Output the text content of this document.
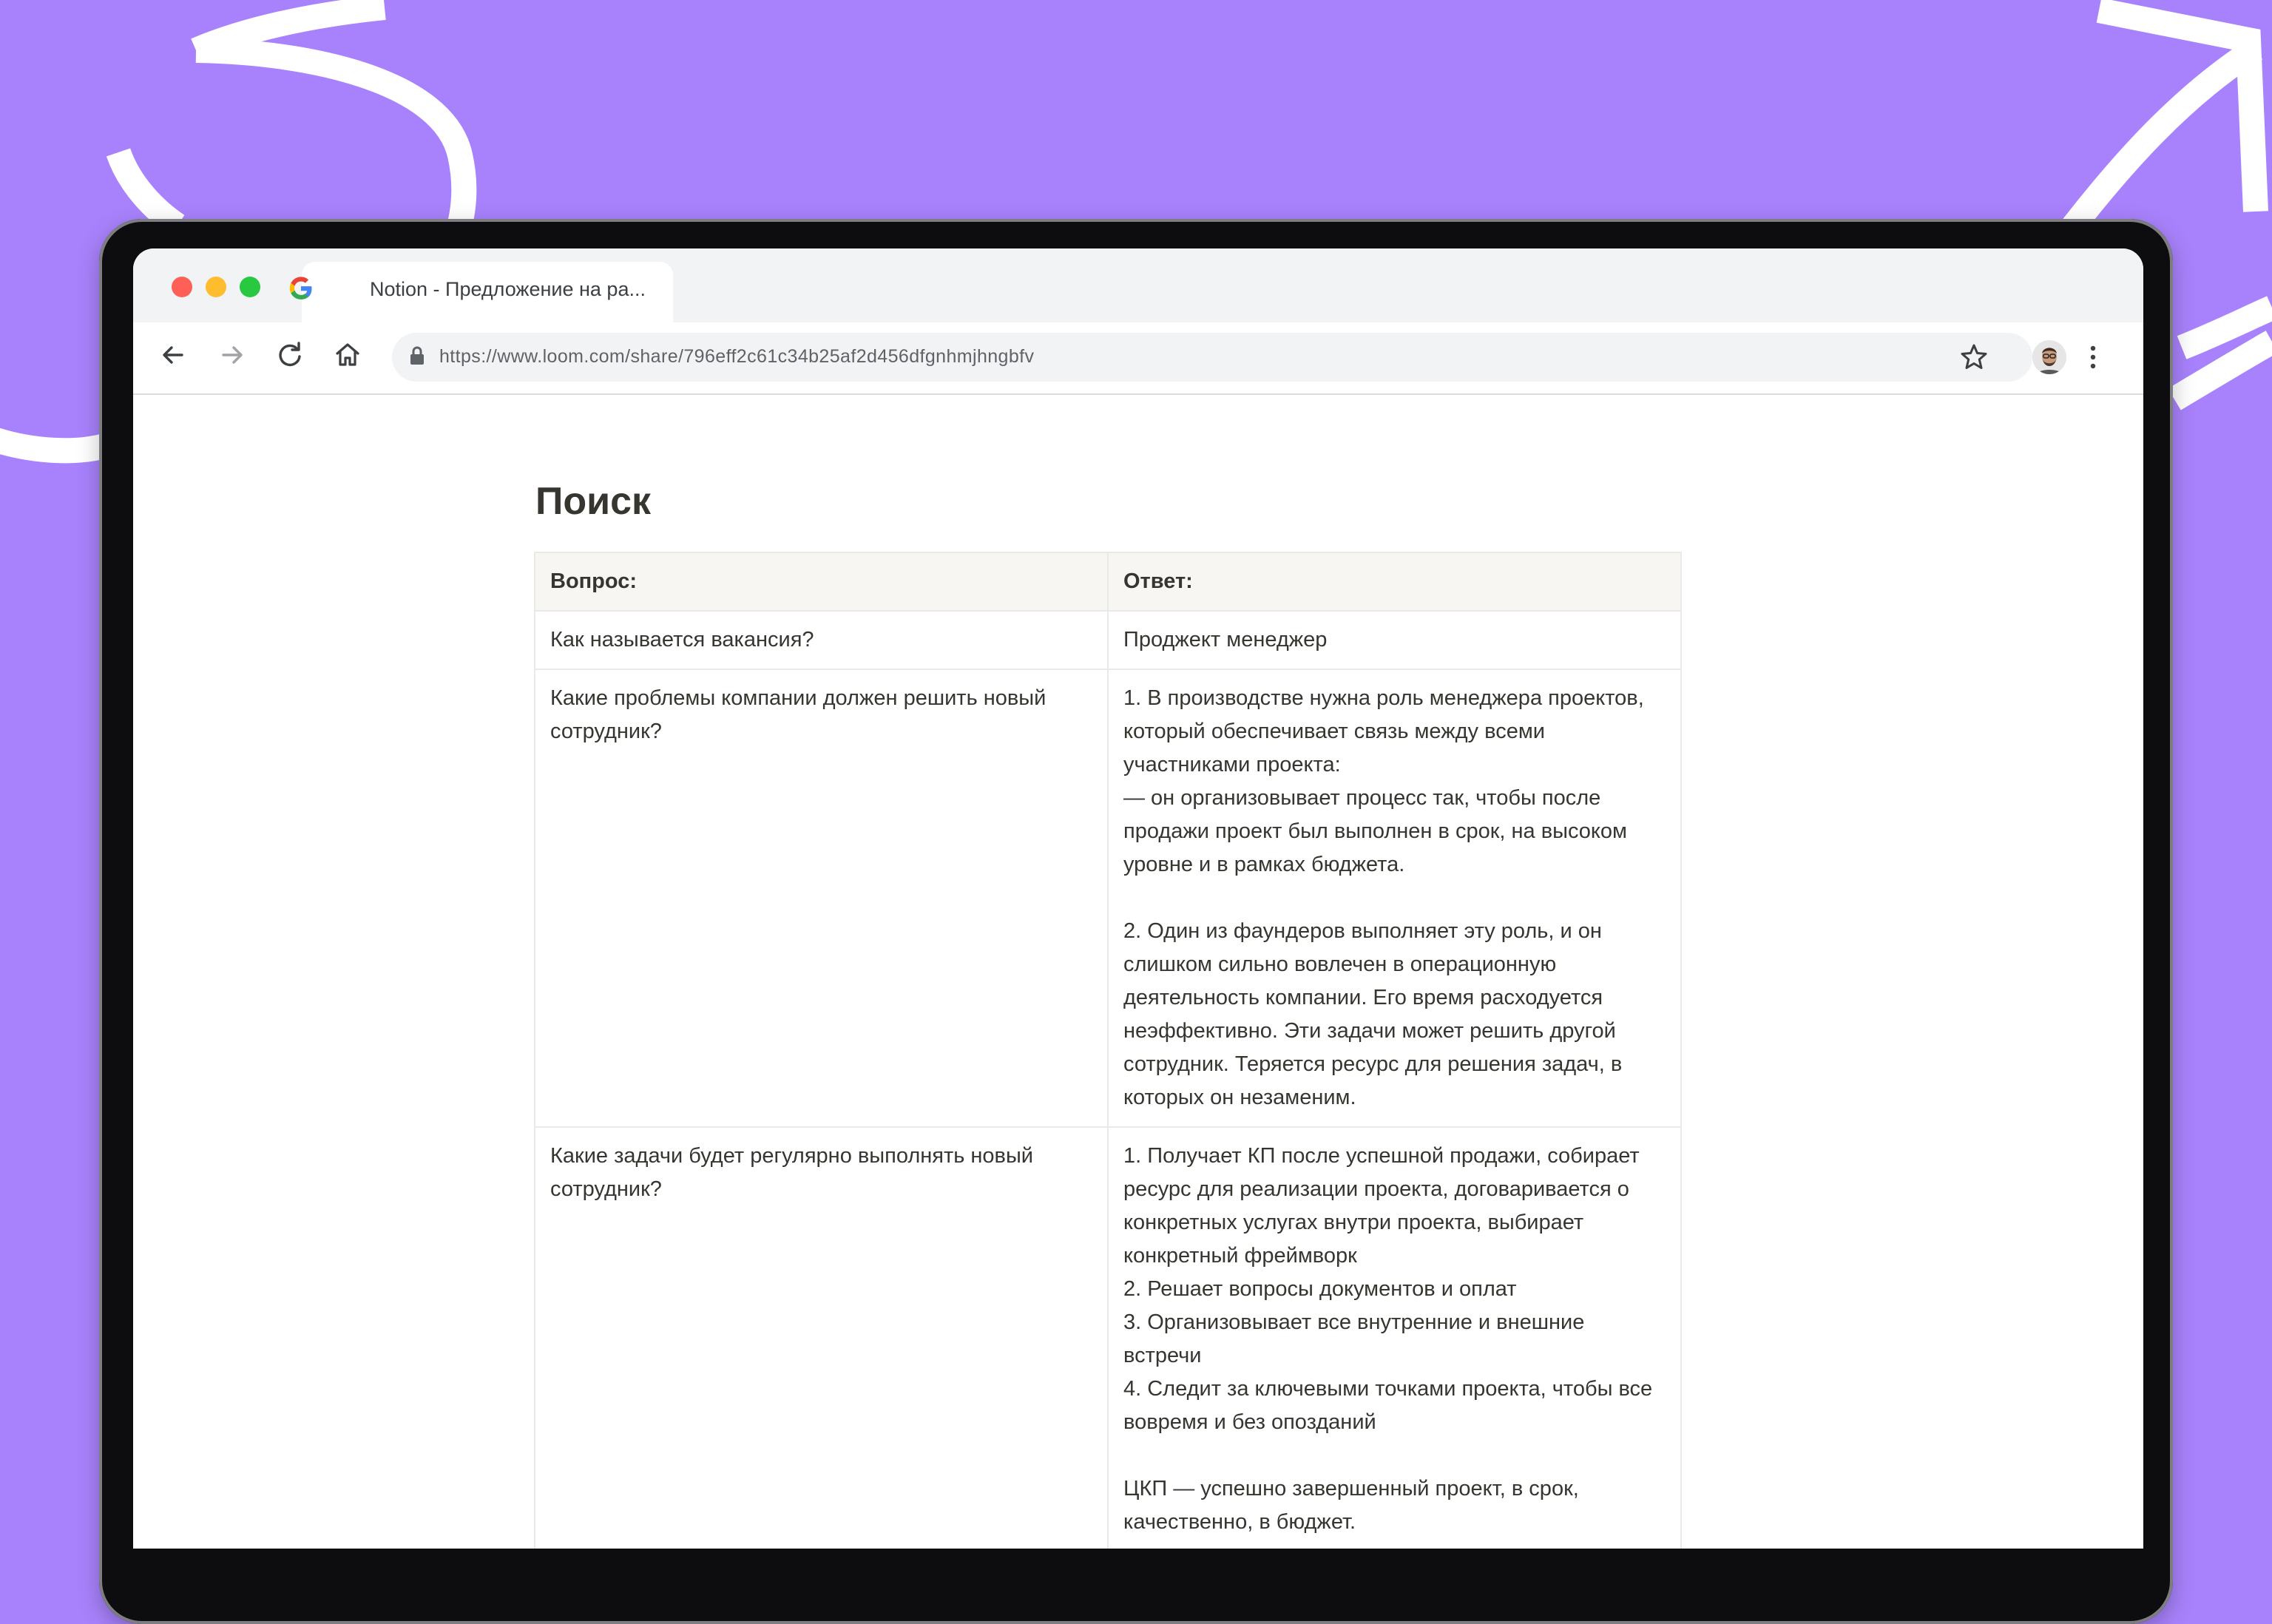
Notion - Предложение на ра...
https://www.loom.com/share/796eff2c61c34b25af2d456dfgnhmjhngbfv
Поиск
Вопрос:	Ответ:
Как называется вакансия?	Проджект менеджер
Какие проблемы компании должен решить новый сотрудник?	1. В производстве нужна роль менеджера проектов, который обеспечивает связь между всеми участниками проекта:
— он организовывает процесс так, чтобы после продажи проект был выполнен в срок, на высоком уровне и в рамках бюджета.

2. Один из фаундеров выполняет эту роль, и он слишком сильно вовлечен в операционную деятельность компании. Его время расходуется неэффективно. Эти задачи может решить другой сотрудник. Теряется ресурс для решения задач, в которых он незаменим.
Какие задачи будет регулярно выполнять новый сотрудник?	1. Получает КП после успешной продажи, собирает ресурс для реализации проекта, договаривается о конкретных услугах внутри проекта, выбирает конкретный фреймворк
2. Решает вопросы документов и оплат
3. Организовывает все внутренние и внешние встречи
4. Следит за ключевыми точками проекта, чтобы все вовремя и без опозданий

ЦКП — успешно завершенный проект, в срок, качественно, в бюджет.
